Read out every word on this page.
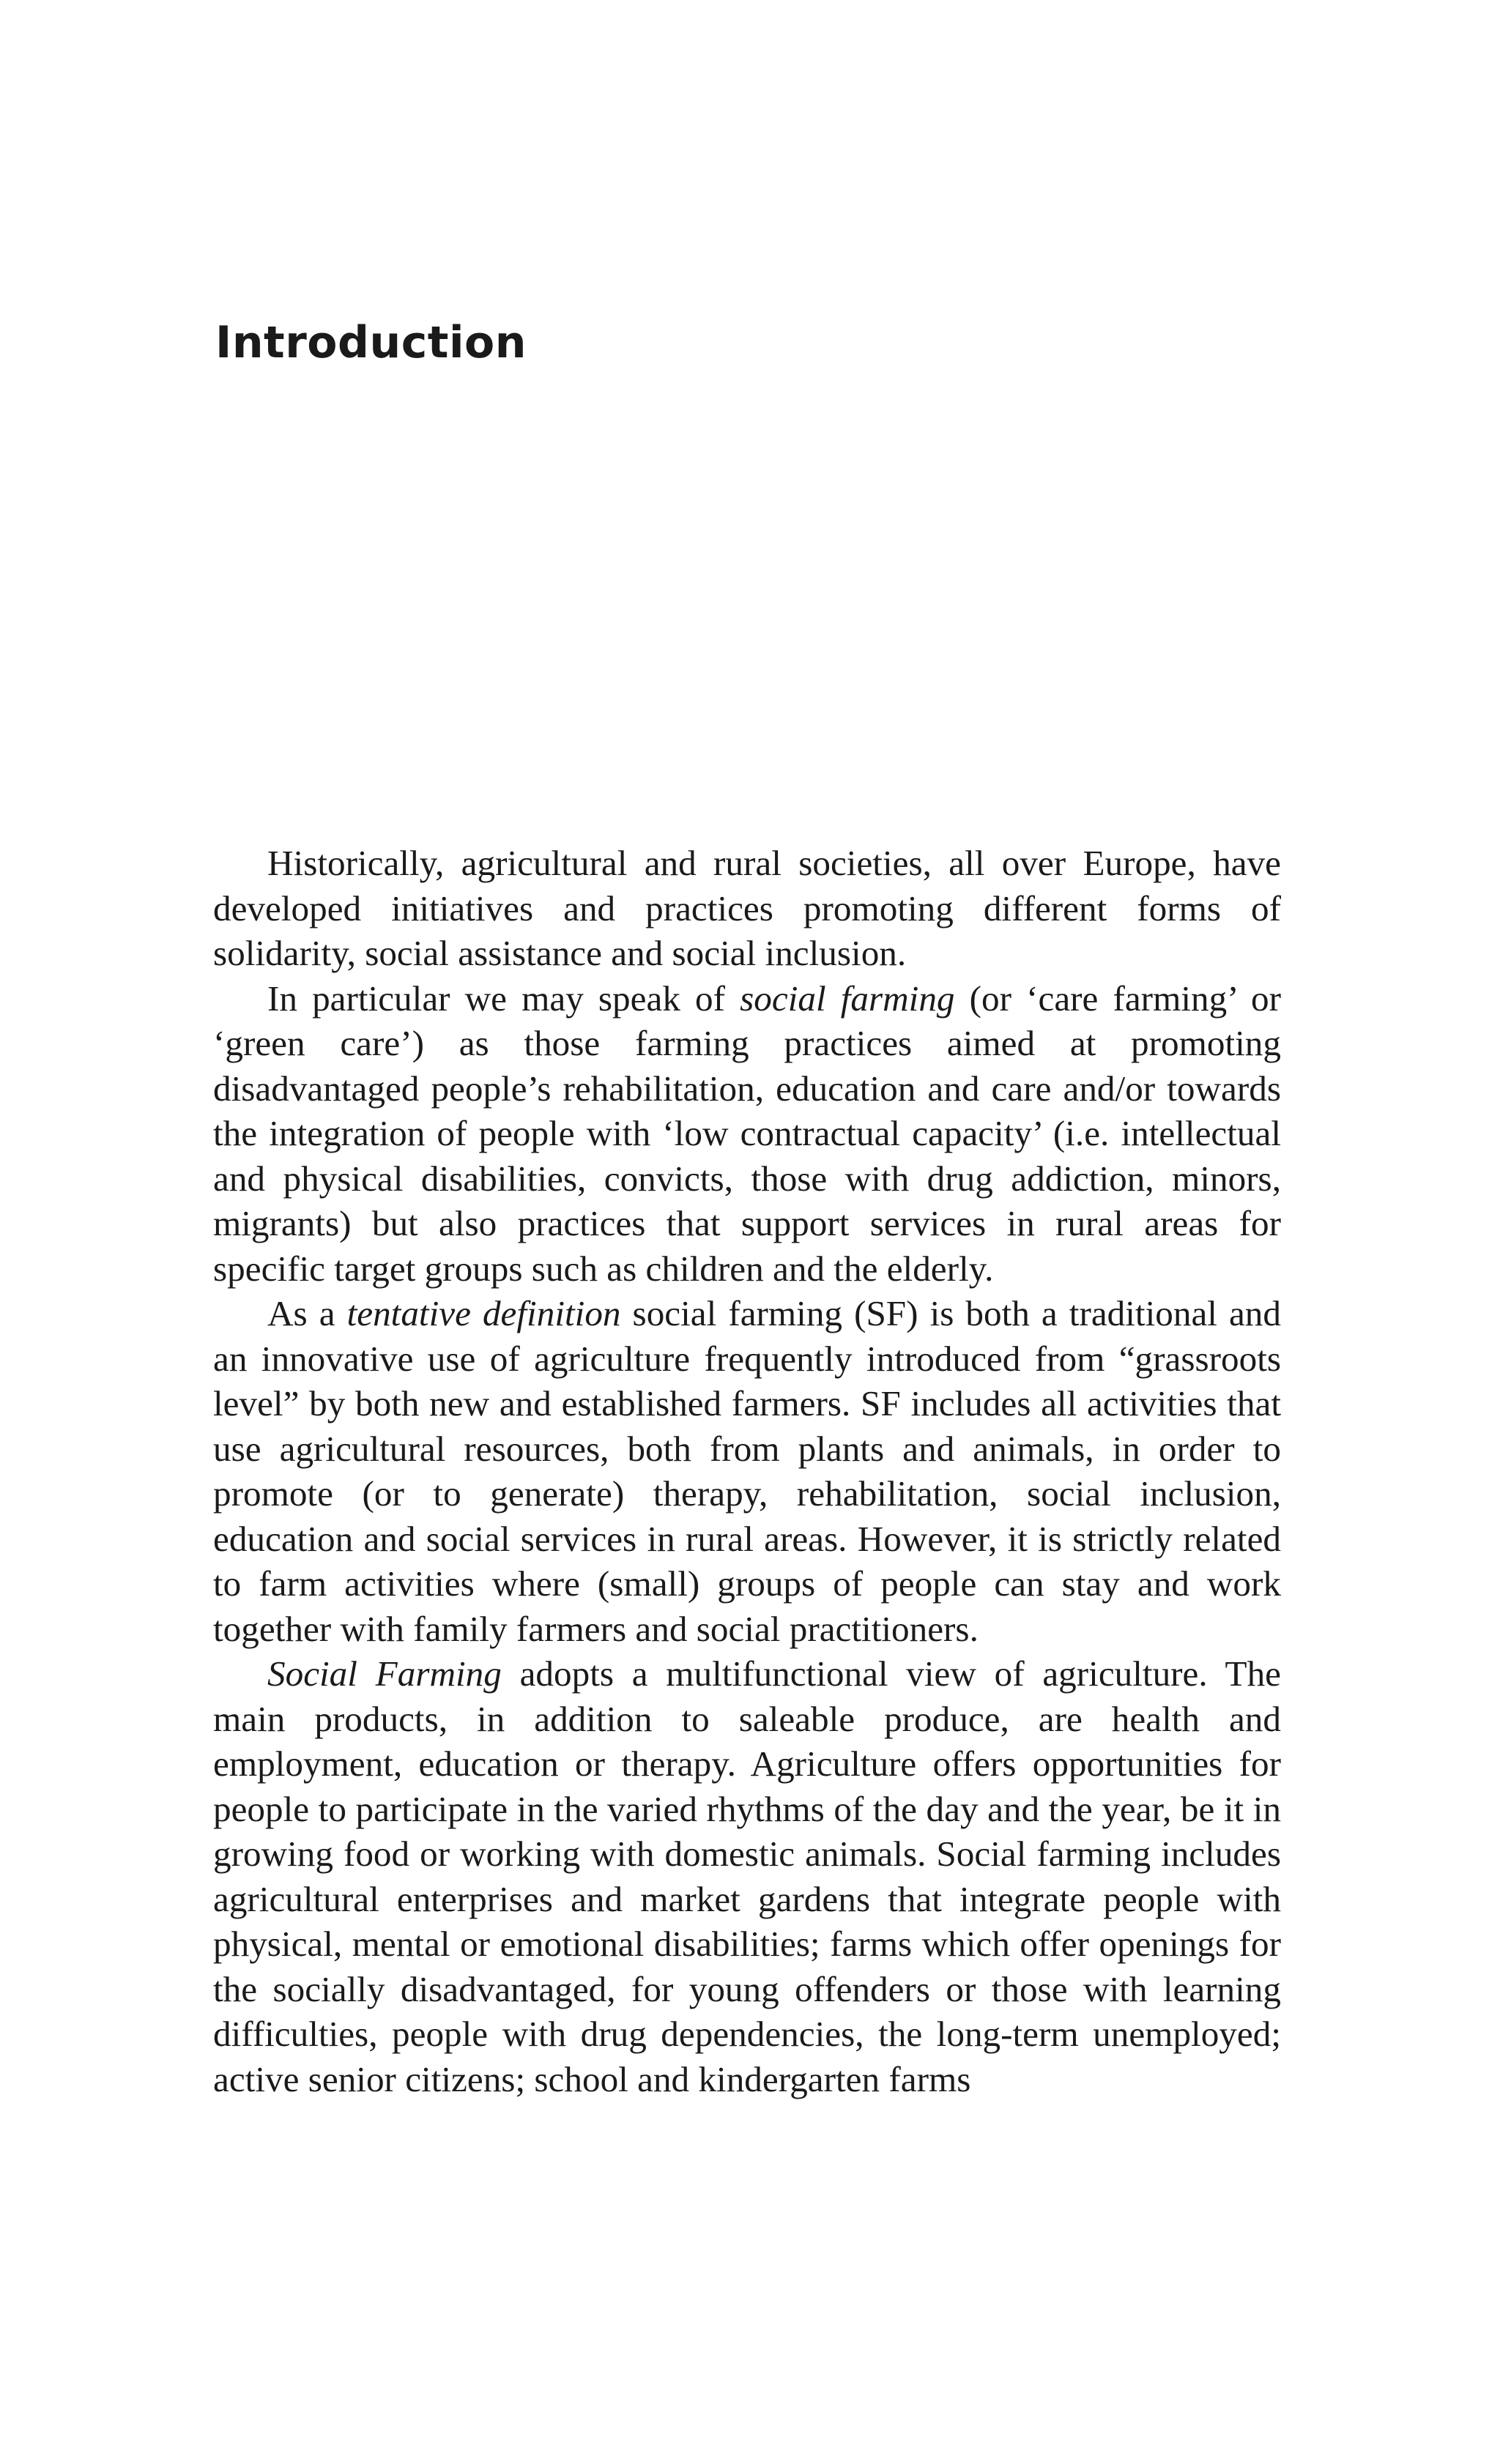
Introduction

Historically, agricultural and rural societies, all over Europe, have developed initiatives and practices promoting different forms of solidarity, social assistance and social inclusion.

In particular we may speak of social farming (or ‘care farming’ or ‘green care’) as those farming practices aimed at promoting disadvantaged people’s rehabilitation, education and care and/or towards the integration of people with ‘low contractual capacity’ (i.e. intellectual and physical disabilities, convicts, those with drug addiction, minors, migrants) but also practices that support services in rural areas for specific target groups such as children and the elderly.

As a tentative definition social farming (SF) is both a traditional and an innovative use of agriculture frequently introduced from “grassroots level” by both new and established farmers. SF includes all activities that use agricultural resources, both from plants and animals, in order to promote (or to generate) therapy, rehabilitation, social inclusion, education and social services in rural areas. However, it is strictly related to farm activities where (small) groups of people can stay and work together with family farmers and social practitioners.

Social Farming adopts a multifunctional view of agriculture. The main products, in addition to saleable produce, are health and employment, education or therapy. Agriculture offers opportunities for people to participate in the varied rhythms of the day and the year, be it in growing food or working with domestic animals. Social farming includes agricultural enterprises and market gardens that integrate people with physical, mental or emotional disabilities; farms which offer openings for the socially disadvantaged, for young offenders or those with learning difficulties, people with drug dependencies, the long-term unemployed; active senior citizens; school and kindergarten farms
